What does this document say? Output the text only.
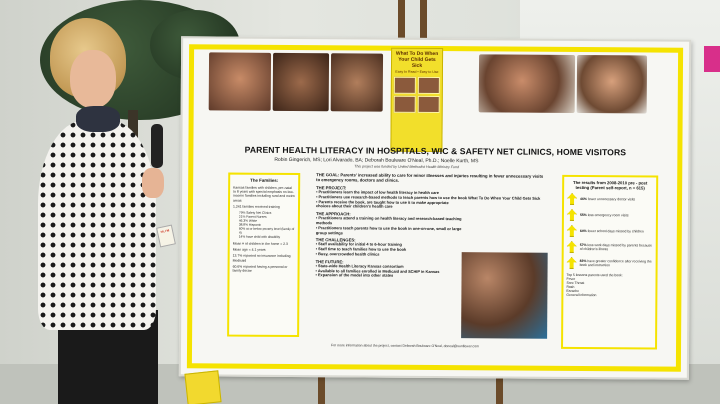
What To Do When Your Child Gets Sick
Easy to Read • Easy to Use
PARENT HEALTH LITERACY IN HOSPITALS, WIC & SAFETY NET CLINICS, HOME VISITORS
Robin Gingerich, MS; Lori Alvarado, BA; Deborah Boulware O'Neal, Ph.D.; Noelle Kurth, MS
This project was funded by United Methodist Health Ministry Fund
The Families:
Kansas families with children, pre-natal to 8 years with special emphasis on low-income families including rural and metro areas
1,241 families received training
79% Safety Net Clinics
21% Parent Nurses
46.3% White
38.8% Hispanic
60% at or below poverty level (family of 4)
14% have child with disability
Mean # of children in the home = 2.3
Mean age = 4.1 years
13.7% reported no insurance including Medicaid
60.6% reported having a personal or family doctor
THE GOAL: Parents' increased ability to care for minor illnesses and injuries resulting in fewer unnecessary visits to emergency rooms, doctors and clinics.
THE PROJECT:
• Practitioners learn the impact of low health literacy in health care
• Practitioners use research-based methods to teach parents how to use the book What To Do When Your Child Gets Sick
• Parents receive the book, are taught how to use it to make appropriate choices about their children's health care
THE APPROACH:
• Practitioners attend a training on health literacy and research-based teaching methods
• Practitioners teach parents how to use the book in one-on-one, small or large group settings
THE CHALLENGES:
• Staff availability for initial 4 to 6-hour training
• Staff time to teach families how to use the book
• Busy, overcrowded health clinics
THE FUTURE:
• State-wide Health Literacy Kansas consortium
• Available to all families enrolled in Medicaid and SCHIP in Kansas
• Expansion of the model into other states
For more information about the project, contact Deborah Boulware O'Neal, doneal@sunflower.com
The results from 2008-2010 pre - post testing (Parent self-report, n = 615)
46% fewer unnecessary doctor visits
55% less emergency room visits
64% fewer school days missed by children
57% less work days missed by parents because of children's illness
83% have greater confidence after receiving the book and instruction
Top 5 lessons parents used the book:
Fever
Sore Throat
Rash
Earache
General Information
HI, I'M
